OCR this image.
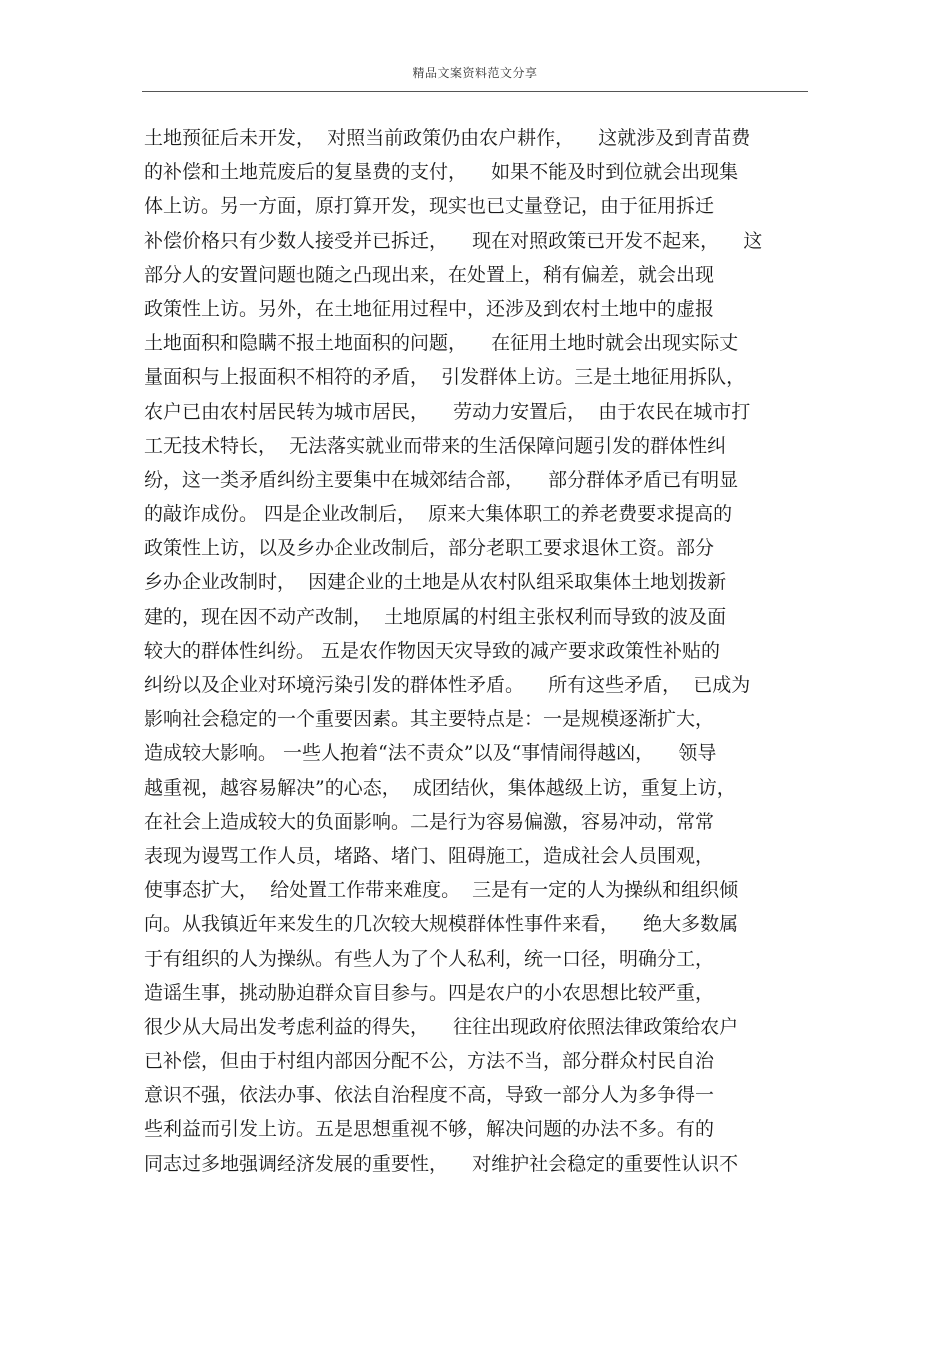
精品文案资料范文分享
土地预征后未开发，  对照当前政策仍由农户耕作，    这就涉及到青苗费
的补偿和土地荒废后的复垦费的支付，    如果不能及时到位就会出现集
体上访。另一方面，原打算开发，现实也已丈量登记，由于征用拆迁
补偿价格只有少数人接受并已拆迁，    现在对照政策已开发不起来，    这
部分人的安置问题也随之凸现出来，在处置上，稍有偏差，就会出现
政策性上访。另外，在土地征用过程中，还涉及到农村土地中的虚报
土地面积和隐瞒不报土地面积的问题，    在征用土地时就会出现实际丈
量面积与上报面积不相符的矛盾，  引发群体上访。三是土地征用拆队，
农户已由农村居民转为城市居民，    劳动力安置后，  由于农民在城市打
工无技术特长，  无法落实就业而带来的生活保障问题引发的群体性纠
纷，这一类矛盾纠纷主要集中在城郊结合部，    部分群体矛盾已有明显
的敲诈成份。 四是企业改制后，  原来大集体职工的养老费要求提高的
政策性上访，以及乡办企业改制后，部分老职工要求退休工资。部分
乡办企业改制时，  因建企业的土地是从农村队组采取集体土地划拨新
建的，现在因不动产改制，  土地原属的村组主张权利而导致的波及面
较大的群体性纠纷。 五是农作物因天灾导致的减产要求政策性补贴的
纠纷以及企业对环境污染引发的群体性矛盾。    所有这些矛盾，  已成为
影响社会稳定的一个重要因素。其主要特点是：一是规模逐渐扩大，
造成较大影响。 一些人抱着“法不责众”以及“事情闹得越凶，    领导
越重视，越容易解决”的心态，  成团结伙，集体越级上访，重复上访，
在社会上造成较大的负面影响。二是行为容易偏激，容易冲动，常常
表现为谩骂工作人员，堵路、堵门、阻碍施工，造成社会人员围观，
使事态扩大，  给处置工作带来难度。  三是有一定的人为操纵和组织倾
向。从我镇近年来发生的几次较大规模群体性事件来看，    绝大多数属
于有组织的人为操纵。有些人为了个人私利，统一口径，明确分工，
造谣生事，挑动胁迫群众盲目参与。四是农户的小农思想比较严重，
很少从大局出发考虑利益的得失，    往往出现政府依照法律政策给农户
已补偿，但由于村组内部因分配不公，方法不当，部分群众村民自治
意识不强，依法办事、依法自治程度不高，导致一部分人为多争得一
些利益而引发上访。五是思想重视不够，解决问题的办法不多。有的
同志过多地强调经济发展的重要性，    对维护社会稳定的重要性认识不
